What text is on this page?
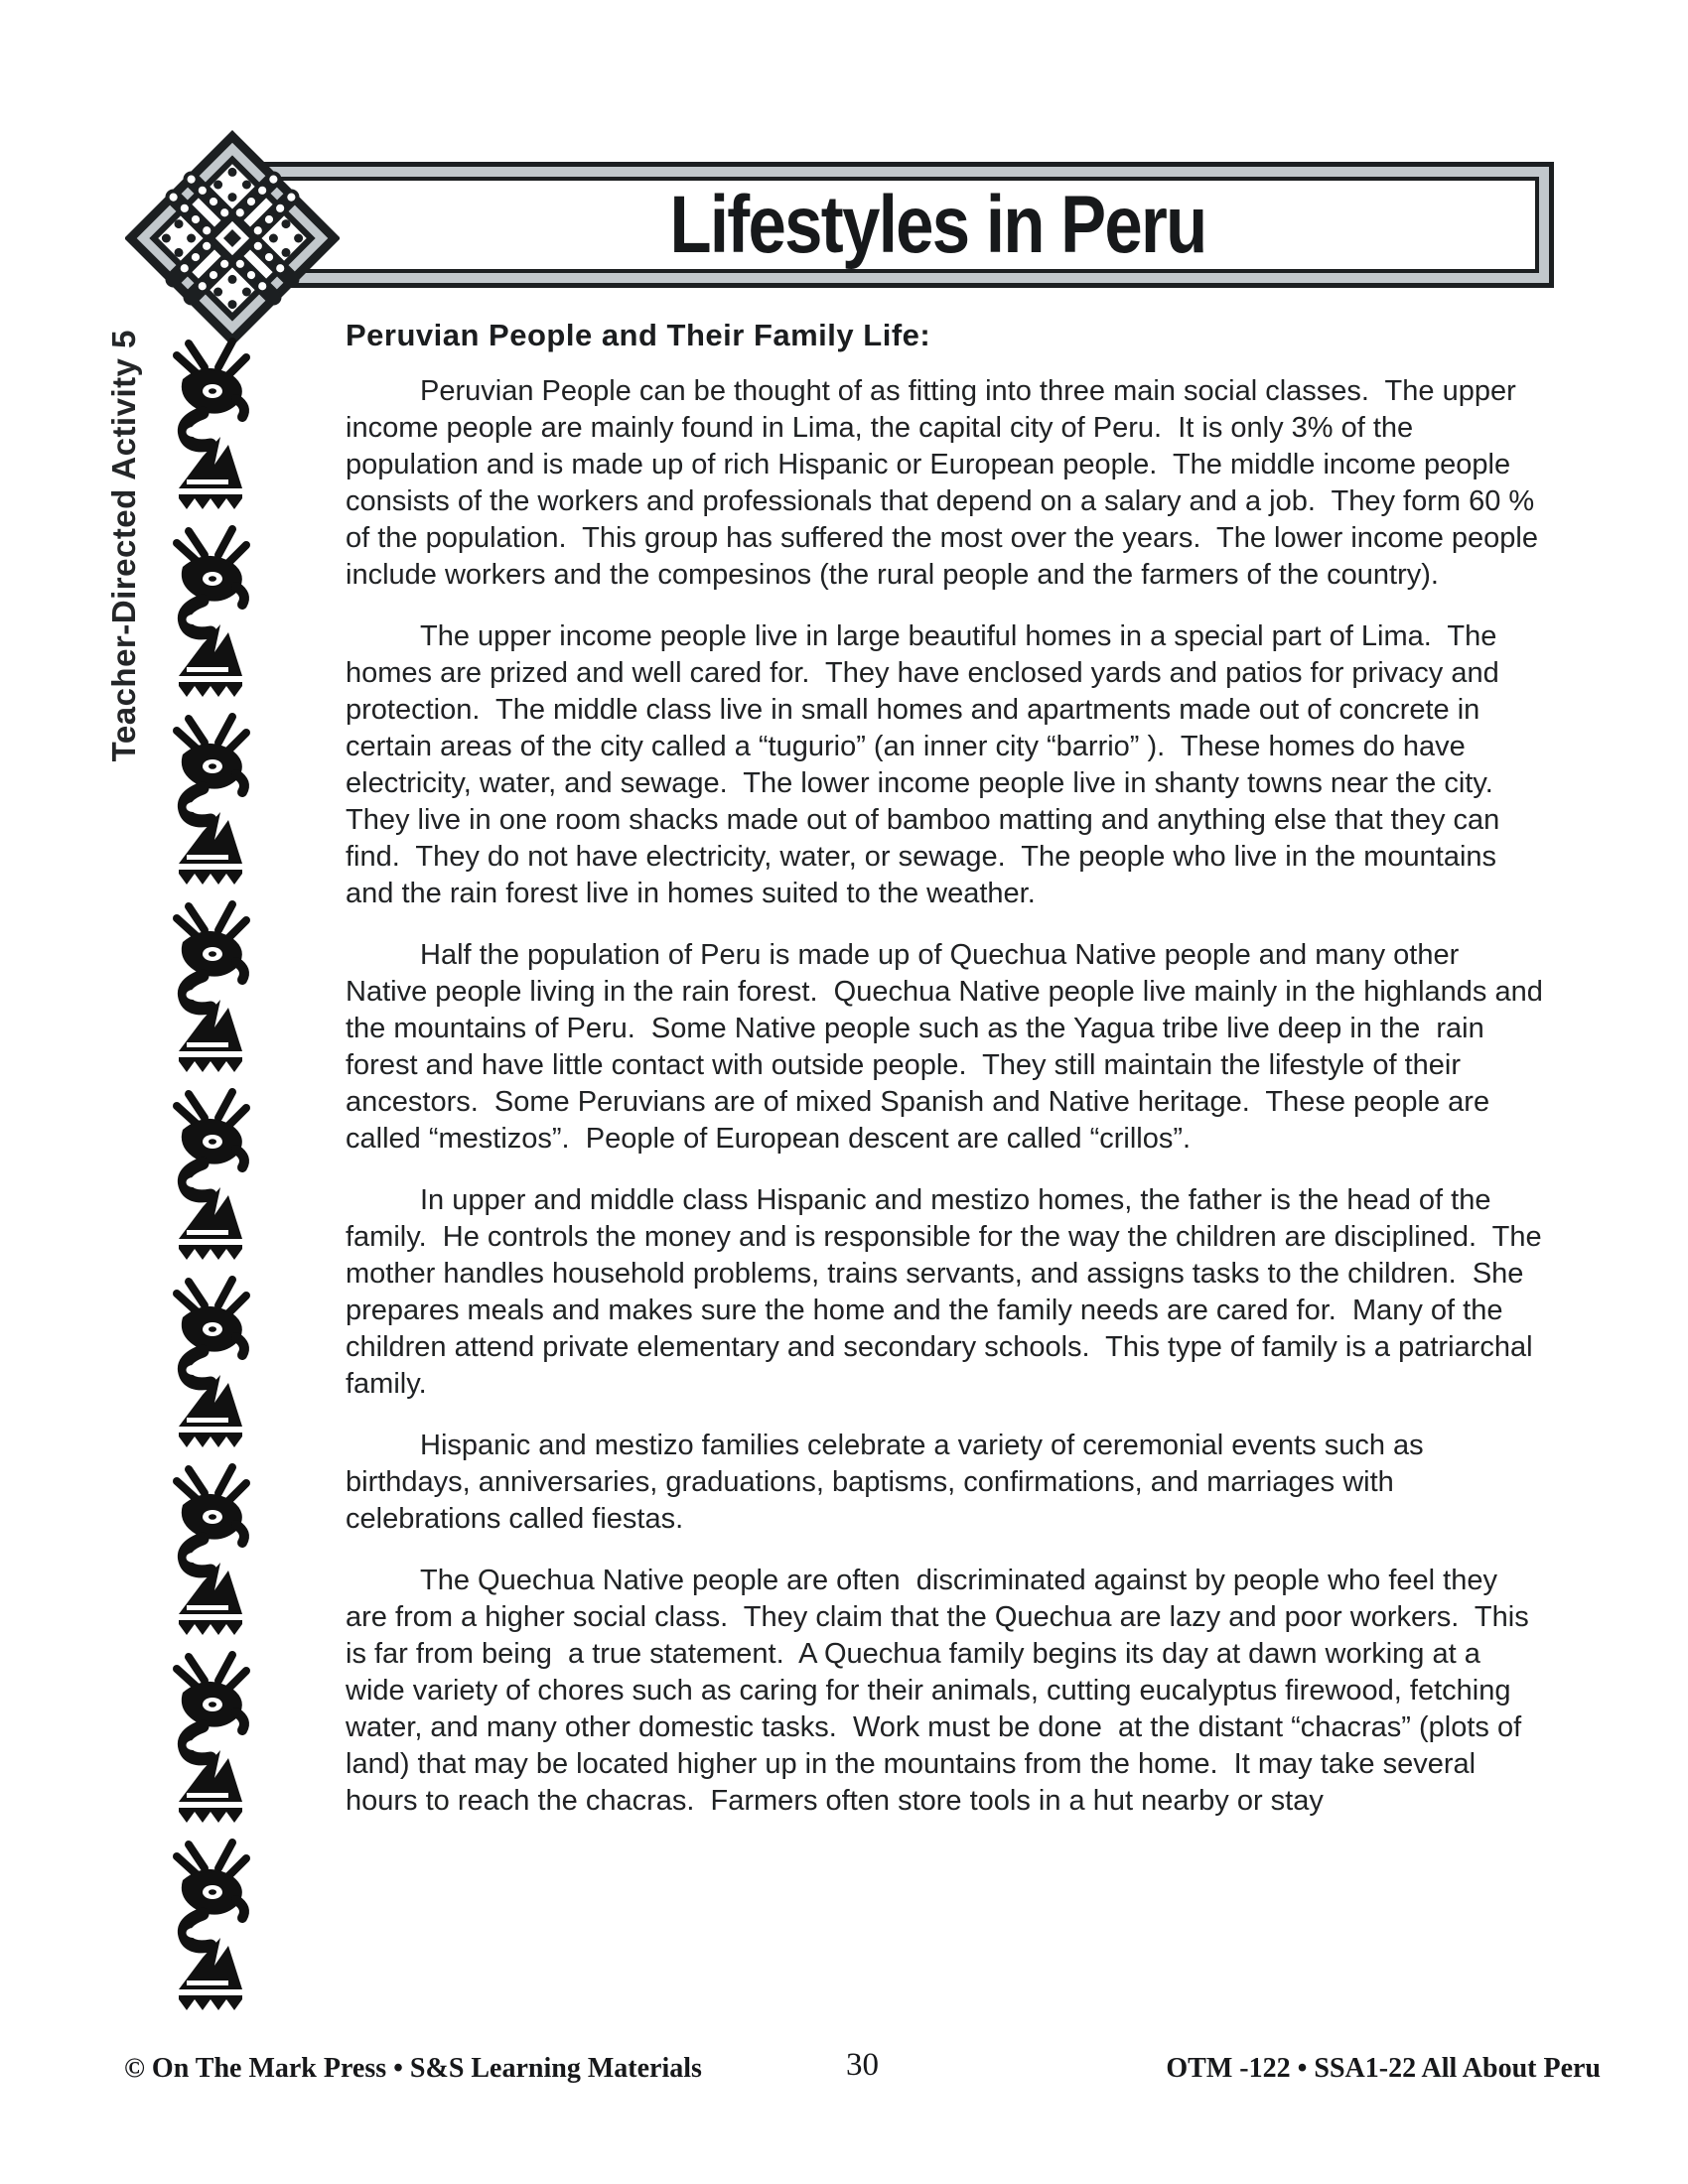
Lifestyles in Peru
Teacher-Directed Activity 5	Peruvian People and Their Family Life:

Peruvian People can be thought of as fitting into three main social classes.  The upper income people are mainly found in Lima, the capital city of Peru.  It is only 3% of the population and is made up of rich Hispanic or European people.  The middle income people consists of the workers and professionals that depend on a salary and a job.  They form 60 % of the population.  This group has suffered the most over the years.  The lower income people include workers and the compesinos (the rural people and the farmers of the country).

The upper income people live in large beautiful homes in a special part of Lima.  The homes are prized and well cared for.  They have enclosed yards and patios for privacy and protection.  The middle class live in small homes and apartments made out of concrete in certain areas of the city called a “tugurio” (an inner city “barrio” ).  These homes do have electricity, water, and sewage.  The lower income people live in shanty towns near the city.  They live in one room shacks made out of bamboo matting and anything else that they can find.  They do not have electricity, water, or sewage.  The people who live in the mountains and the rain forest live in homes suited to the weather.

Half the population of Peru is made up of Quechua Native people and many other Native people living in the rain forest.  Quechua Native people live mainly in the highlands and the mountains of Peru.  Some Native people such as the Yagua tribe live deep in the  rain forest and have little contact with outside people.  They still maintain the lifestyle of their ancestors.  Some Peruvians are of mixed Spanish and Native heritage.  These people are called “mestizos”.  People of European descent are called “crillos”.

In upper and middle class Hispanic and mestizo homes, the father is the head of the family.  He controls the money and is responsible for the way the children are disciplined.  The mother handles household problems, trains servants, and assigns tasks to the children.  She prepares meals and makes sure the home and the family needs are cared for.  Many of the children attend private elementary and secondary schools.  This type of family is a patriarchal family.

Hispanic and mestizo families celebrate a variety of ceremonial events such as birthdays, anniversaries, graduations, baptisms, confirmations, and marriages with celebrations called fiestas.

The Quechua Native people are often  discriminated against by people who feel they are from a higher social class.  They claim that the Quechua are lazy and poor workers.  This is far from being  a true statement.  A Quechua family begins its day at dawn working at a wide variety of chores such as caring for their animals, cutting eucalyptus firewood, fetching water, and many other domestic tasks.  Work must be done  at the distant “chacras” (plots of land) that may be located higher up in the mountains from the home.  It may take several hours to reach the chacras.  Farmers often store tools in a hut nearby or stay

© On The Mark Press • S&S Learning Materials	30	OTM -122 • SSA1-22 All About Peru
